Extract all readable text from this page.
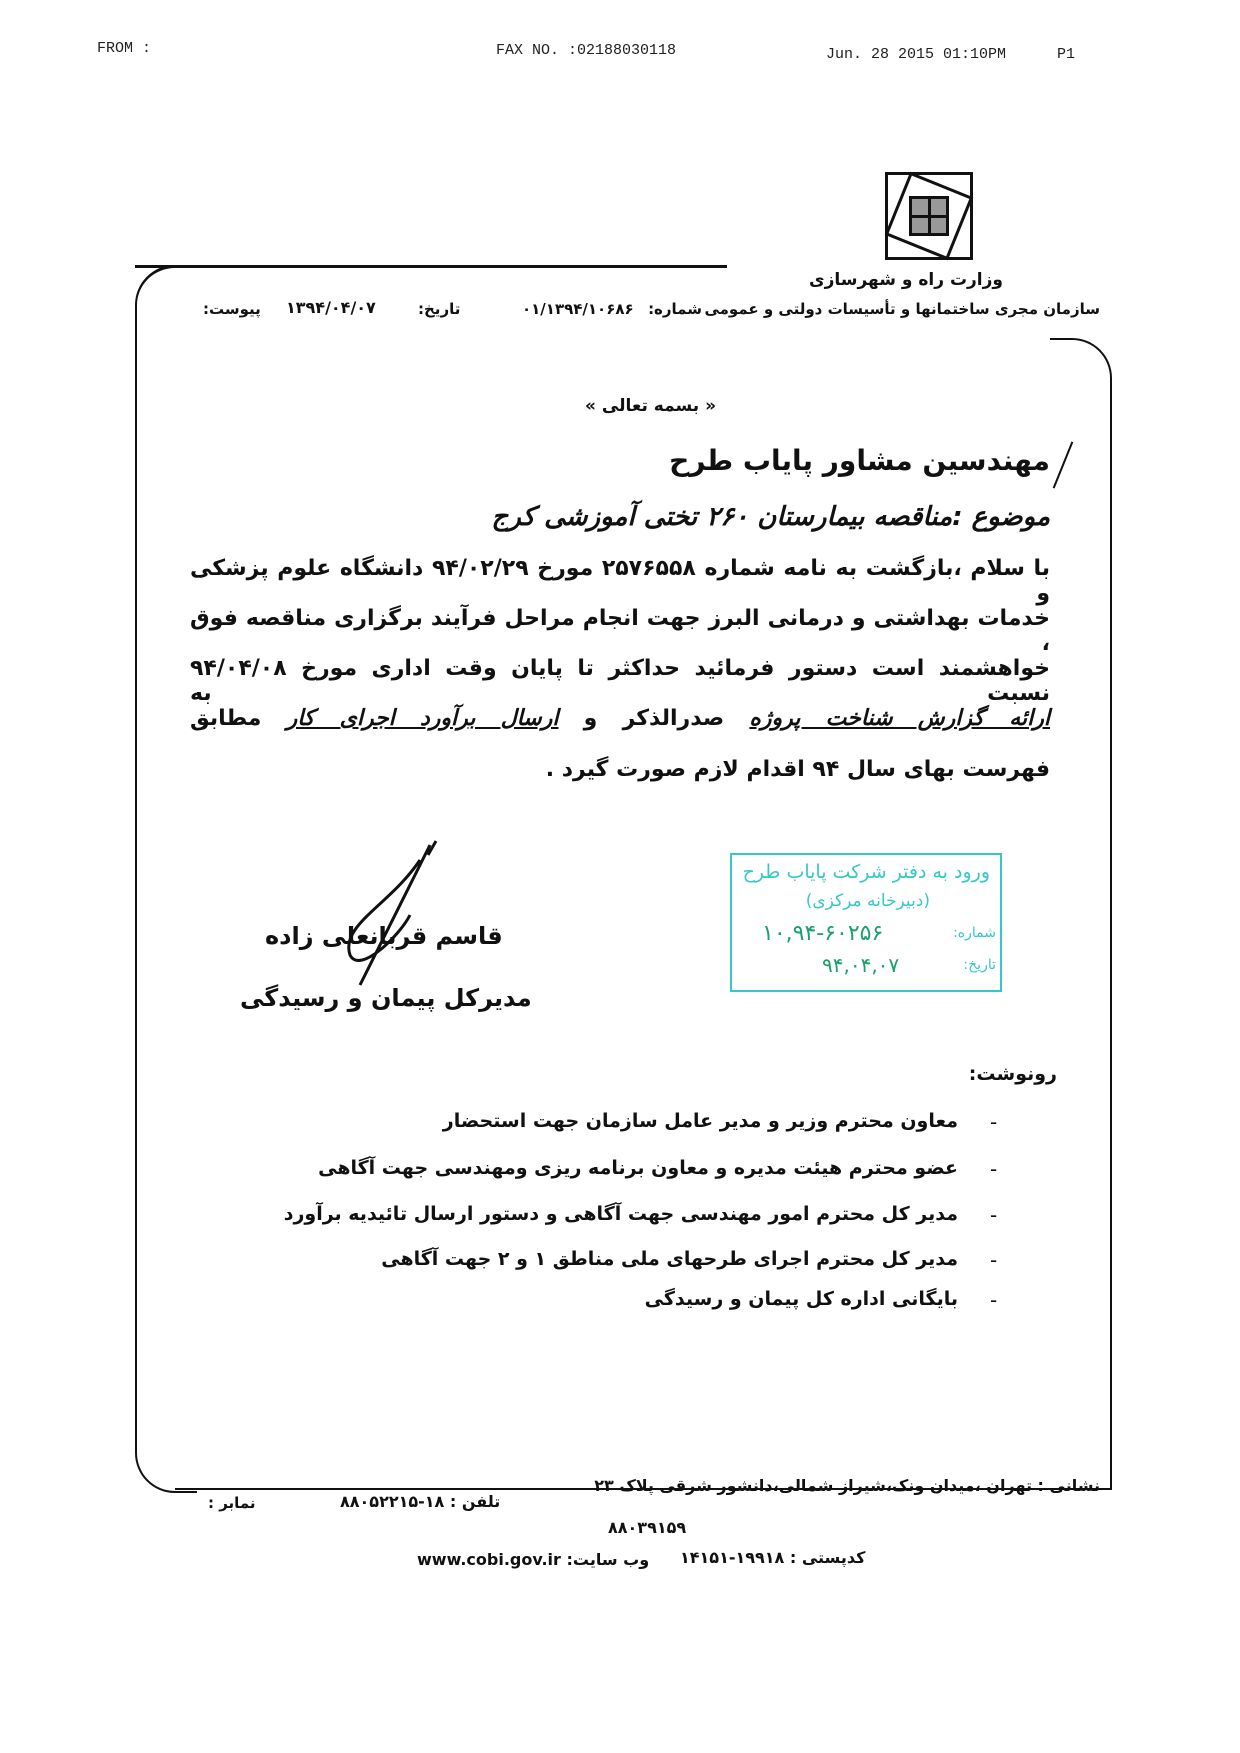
FROM :	FAX NO. :02188030118	Jun. 28 2015 01:10PM	P1
وزارت راه و شهرسازی
سازمان مجری ساختمانها و تأسیسات دولتی و عمومی
شماره:
۰۱/۱۳۹۴/۱۰۶۸۶
تاریخ:
۱۳۹۴/۰۴/۰۷
پیوست:
« بسمه تعالی »
مهندسین مشاور پایاب طرح
موضوع :مناقصه بیمارستان ۲۶۰ تختی آموزشی کرج
با سلام ،بازگشت به نامه شماره ۲۵۷۶۵۵۸ مورخ ۹۴/۰۲/۲۹ دانشگاه علوم پزشکی و
خدمات بهداشتی و درمانی البرز جهت انجام مراحل فرآیند برگزاری مناقصه فوق ،
خواهشمند است دستور فرمائید حداکثر تا پایان وقت اداری مورخ ۹۴/۰۴/۰۸ نسبت به
ارائه گزارش شناخت پروژه صدرالذکر و ارسال برآورد اجرای کار مطابق
فهرست بهای سال ۹۴ اقدام لازم صورت گیرد .
قاسم قربانعلی زاده
مدیرکل پیمان و رسیدگی
ورود به دفتر شرکت پایاب طرح
(دبیرخانه مرکزی)
شماره:
۱۰,۹۴-۶۰۲۵۶
تاریخ:
۹۴,۰۴,۰۷
رونوشت:
-
معاون محترم وزیر و مدیر عامل سازمان جهت استحضار
-
عضو محترم هیئت مدیره و معاون برنامه ریزی ومهندسی جهت آگاهی
-
مدیر کل محترم امور مهندسی جهت آگاهی و دستور ارسال تائیدیه برآورد
-
مدیر کل محترم اجرای طرحهای ملی مناطق ۱ و ۲ جهت آگاهی
-
بایگانی اداره کل پیمان و رسیدگی
نشانی : تهران ،میدان ونک،شیراز شمالی،دانشور شرقی پلاک ۲۳
تلفن : ۱۸-۸۸۰۵۲۲۱۵
نمابر :
۸۸۰۳۹۱۵۹
کدپستی : ۱۹۹۱۸-۱۴۱۵۱
وب سایت: www.cobi.gov.ir
